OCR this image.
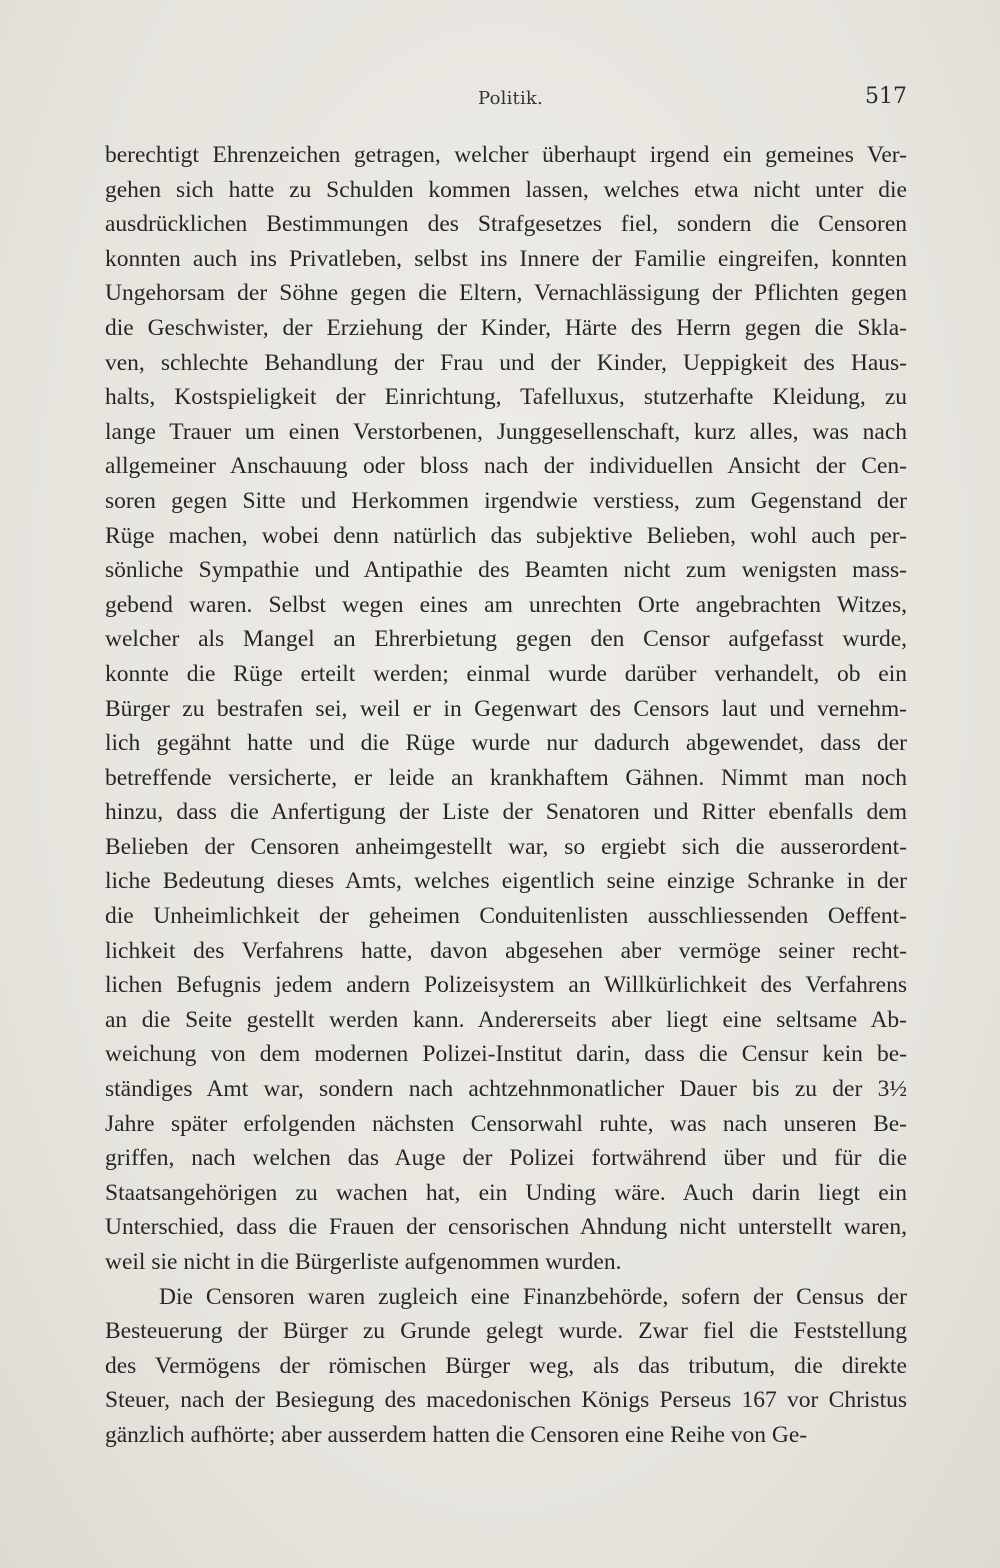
Politik.	517
berechtigt Ehrenzeichen getragen, welcher überhaupt irgend ein gemeines Ver-
gehen sich hatte zu Schulden kommen lassen, welches etwa nicht unter die
ausdrücklichen Bestimmungen des Strafgesetzes fiel, sondern die Censoren
konnten auch ins Privatleben, selbst ins Innere der Familie eingreifen, konnten
Ungehorsam der Söhne gegen die Eltern, Vernachlässigung der Pflichten gegen
die Geschwister, der Erziehung der Kinder, Härte des Herrn gegen die Skla-
ven, schlechte Behandlung der Frau und der Kinder, Ueppigkeit des Haus-
halts, Kostspieligkeit der Einrichtung, Tafelluxus, stutzerhafte Kleidung, zu
lange Trauer um einen Verstorbenen, Junggesellenschaft, kurz alles, was nach
allgemeiner Anschauung oder bloss nach der individuellen Ansicht der Cen-
soren gegen Sitte und Herkommen irgendwie verstiess, zum Gegenstand der
Rüge machen, wobei denn natürlich das subjektive Belieben, wohl auch per-
sönliche Sympathie und Antipathie des Beamten nicht zum wenigsten mass-
gebend waren. Selbst wegen eines am unrechten Orte angebrachten Witzes,
welcher als Mangel an Ehrerbietung gegen den Censor aufgefasst wurde,
konnte die Rüge erteilt werden; einmal wurde darüber verhandelt, ob ein
Bürger zu bestrafen sei, weil er in Gegenwart des Censors laut und vernehm-
lich gegähnt hatte und die Rüge wurde nur dadurch abgewendet, dass der
betreffende versicherte, er leide an krankhaftem Gähnen. Nimmt man noch
hinzu, dass die Anfertigung der Liste der Senatoren und Ritter ebenfalls dem
Belieben der Censoren anheimgestellt war, so ergiebt sich die ausserordent-
liche Bedeutung dieses Amts, welches eigentlich seine einzige Schranke in der
die Unheimlichkeit der geheimen Conduitenlisten ausschliessenden Oeffent-
lichkeit des Verfahrens hatte, davon abgesehen aber vermöge seiner recht-
lichen Befugnis jedem andern Polizeisystem an Willkürlichkeit des Verfahrens
an die Seite gestellt werden kann. Andererseits aber liegt eine seltsame Ab-
weichung von dem modernen Polizei-Institut darin, dass die Censur kein be-
ständiges Amt war, sondern nach achtzehnmonatlicher Dauer bis zu der 3½
Jahre später erfolgenden nächsten Censorwahl ruhte, was nach unseren Be-
griffen, nach welchen das Auge der Polizei fortwährend über und für die
Staatsangehörigen zu wachen hat, ein Unding wäre. Auch darin liegt ein
Unterschied, dass die Frauen der censorischen Ahndung nicht unterstellt waren,
weil sie nicht in die Bürgerliste aufgenommen wurden.
Die Censoren waren zugleich eine Finanzbehörde, sofern der Census der
Besteuerung der Bürger zu Grunde gelegt wurde. Zwar fiel die Feststellung
des Vermögens der römischen Bürger weg, als das tributum, die direkte
Steuer, nach der Besiegung des macedonischen Königs Perseus 167 vor Christus
gänzlich aufhörte; aber ausserdem hatten die Censoren eine Reihe von Ge-
